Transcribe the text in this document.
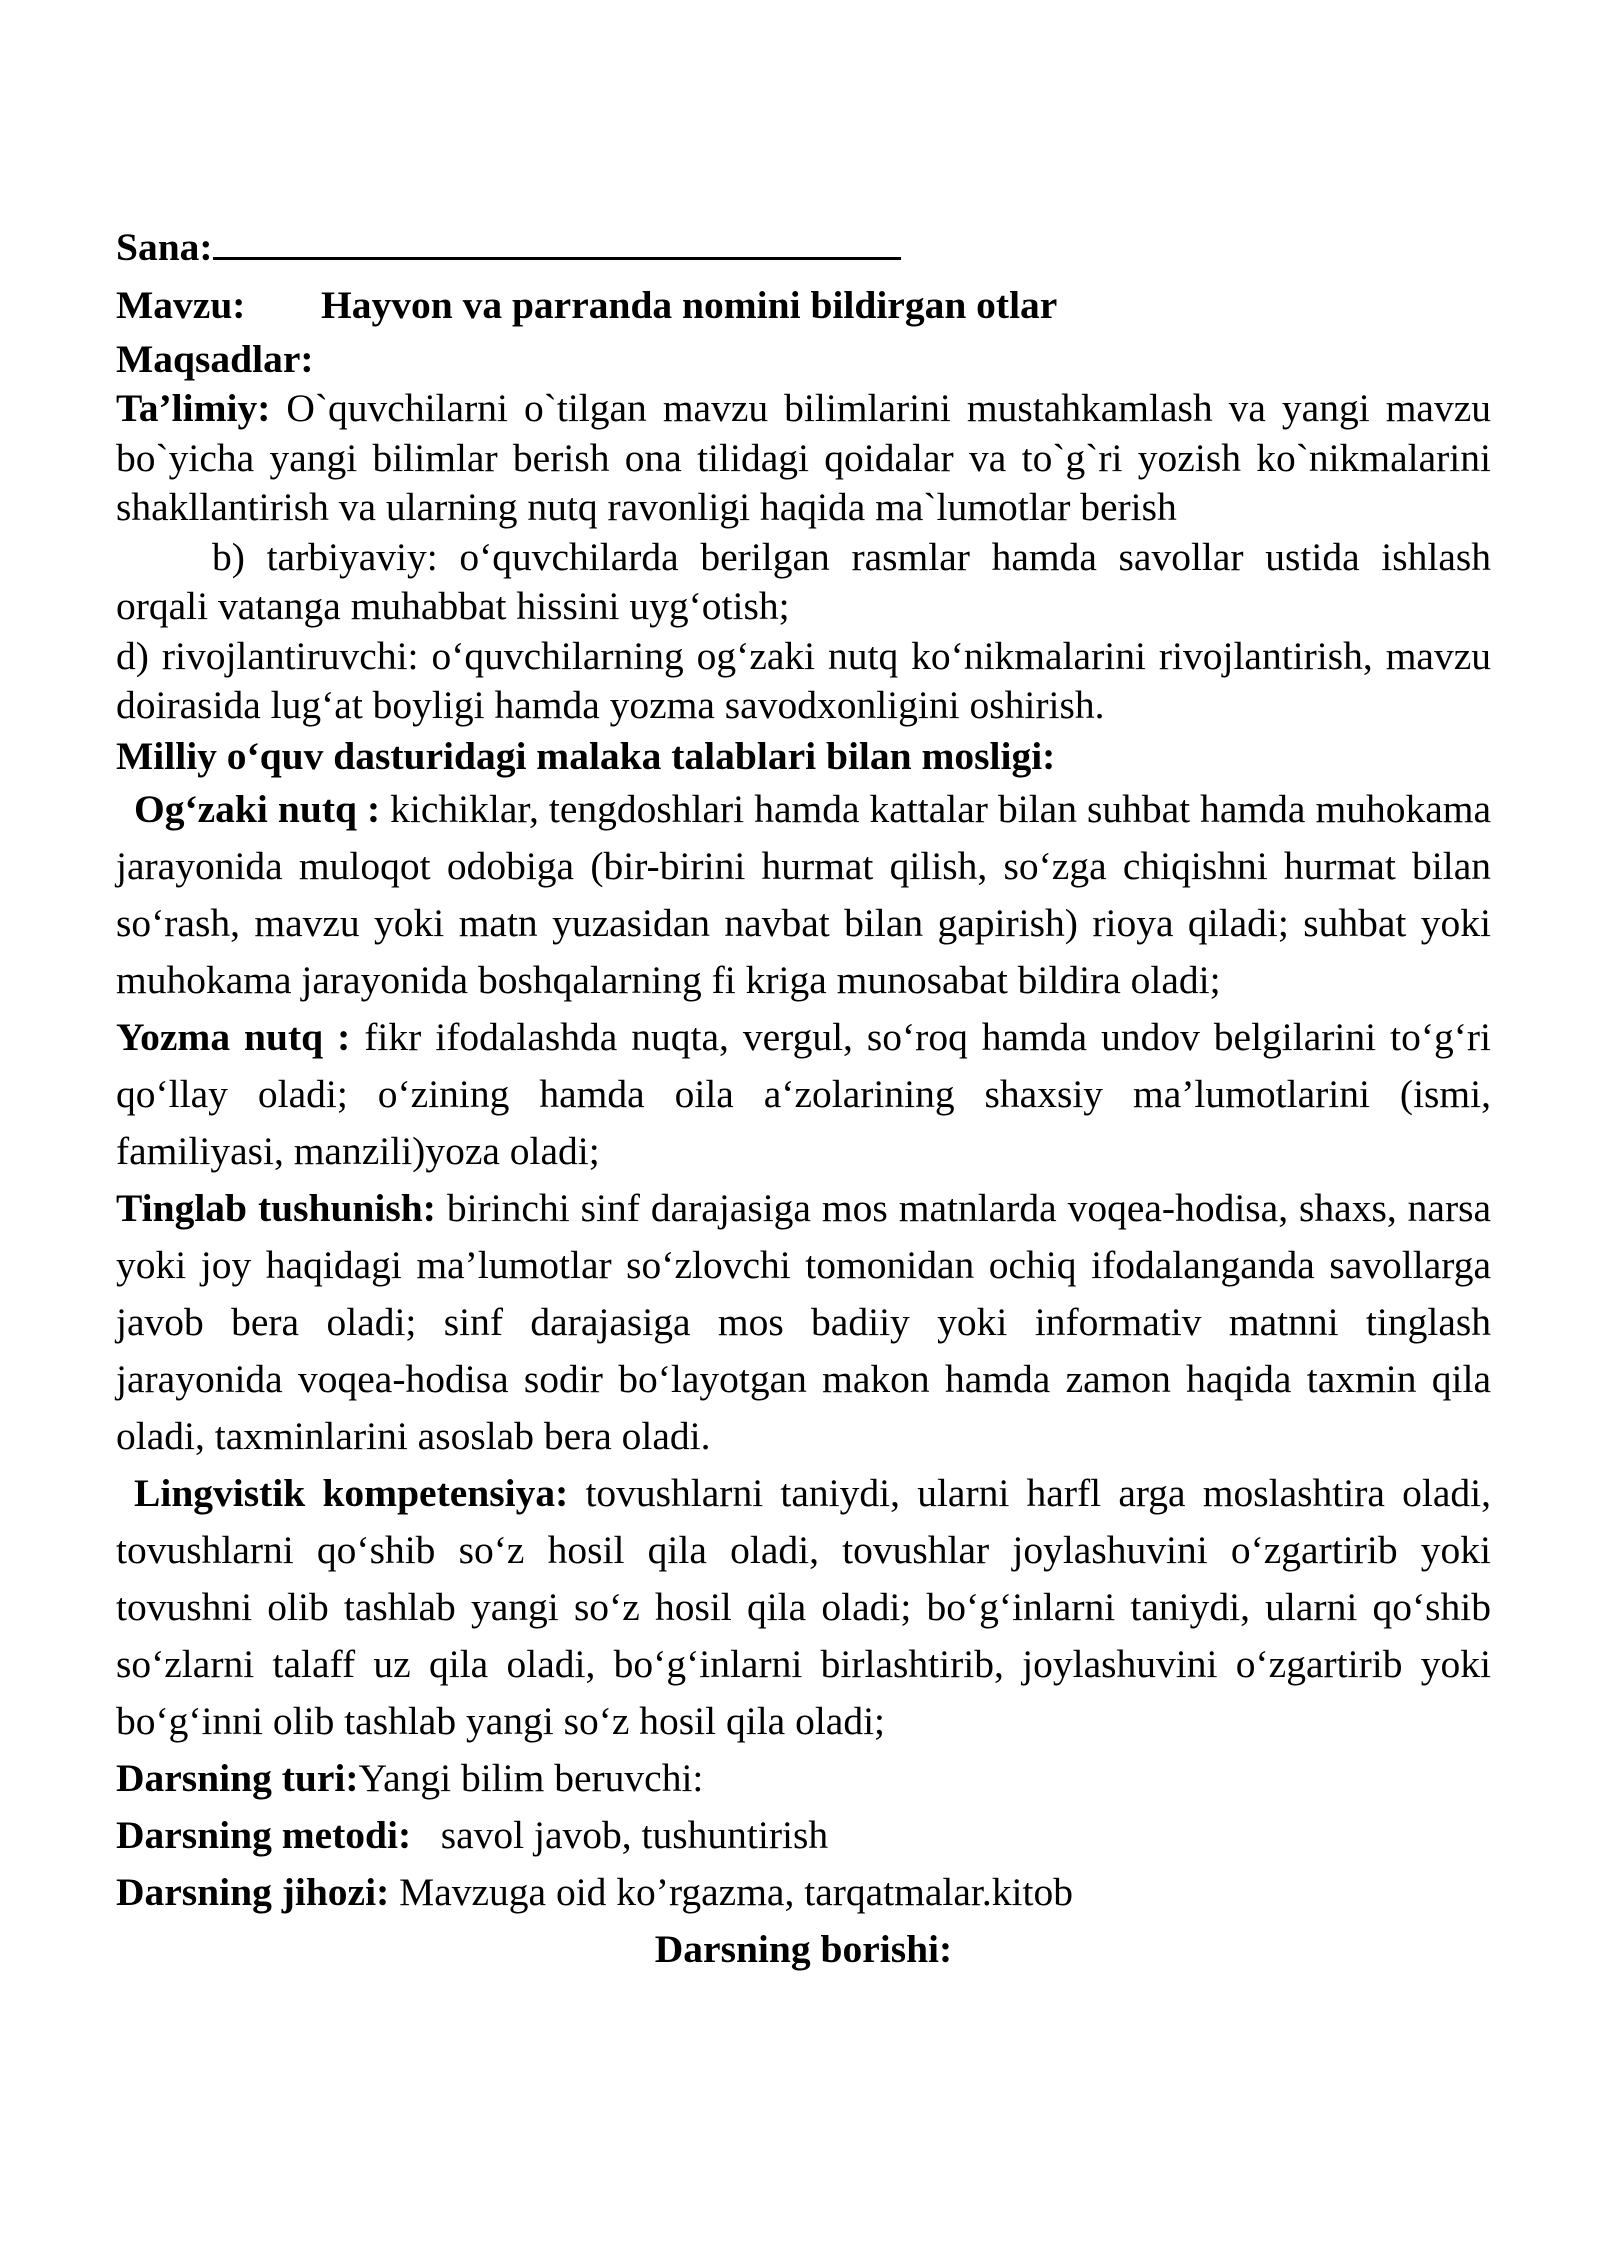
Sana:
Mavzu: Hayvon va parranda nomini bildirgan otlar
Maqsadlar:
Ta’limiy: O`quvchilarni o`tilgan mavzu bilimlarini mustahkamlash va yangi mavzu bo`yicha yangi bilimlar berish ona tilidagi qoidalar va to`g`ri yozish ko`nikmalarini shakllantirish va ularning nutq ravonligi haqida ma`lumotlar berish
b) tarbiyaviy: o‘quvchilarda berilgan rasmlar hamda savollar ustida ishlash orqali vatanga muhabbat hissini uyg‘otish;
d) rivojlantiruvchi: o‘quvchilarning og‘zaki nutq ko‘nikmalarini rivojlantirish, mavzu doirasida lug‘at boyligi hamda yozma savodxonligini oshirish.
Milliy o‘quv dasturidagi malaka talablari bilan mosligi:
Og‘zaki nutq : kichiklar, tengdoshlari hamda kattalar bilan suhbat hamda muhokama jarayonida muloqot odobiga (bir-birini hurmat qilish, so‘zga chiqishni hurmat bilan so‘rash, mavzu yoki matn yuzasidan navbat bilan gapirish) rioya qiladi; suhbat yoki muhokama jarayonida boshqalarning fi kriga munosabat bildira oladi;
Yozma nutq : fikr ifodalashda nuqta, vergul, so‘roq hamda undov belgilarini to‘g‘ri qo‘llay oladi; o‘zining hamda oila a‘zolarining shaxsiy ma’lumotlarini (ismi, familiyasi, manzili)yoza oladi;
Tinglab tushunish: birinchi sinf darajasiga mos matnlarda voqea-hodisa, shaxs, narsa yoki joy haqidagi ma’lumotlar so‘zlovchi tomonidan ochiq ifodalanganda savollarga javob bera oladi; sinf darajasiga mos badiiy yoki informativ matnni tinglash jarayonida voqea-hodisa sodir bo‘layotgan makon hamda zamon haqida taxmin qila oladi, taxminlarini asoslab bera oladi.
Lingvistik kompetensiya: tovushlarni taniydi, ularni harfl arga moslashtira oladi, tovushlarni qo‘shib so‘z hosil qila oladi, tovushlar joylashuvini o‘zgartirib yoki tovushni olib tashlab yangi so‘z hosil qila oladi; bo‘g‘inlarni taniydi, ularni qo‘shib so‘zlarni talaff uz qila oladi, bo‘g‘inlarni birlashtirib, joylashuvini o‘zgartirib yoki bo‘g‘inni olib tashlab yangi so‘z hosil qila oladi;
Darsning turi:Yangi bilim beruvchi:
Darsning metodi:   savol javob, tushuntirish
Darsning jihozi: Mavzuga oid ko’rgazma, tarqatmalar.kitob
Darsning borishi:
